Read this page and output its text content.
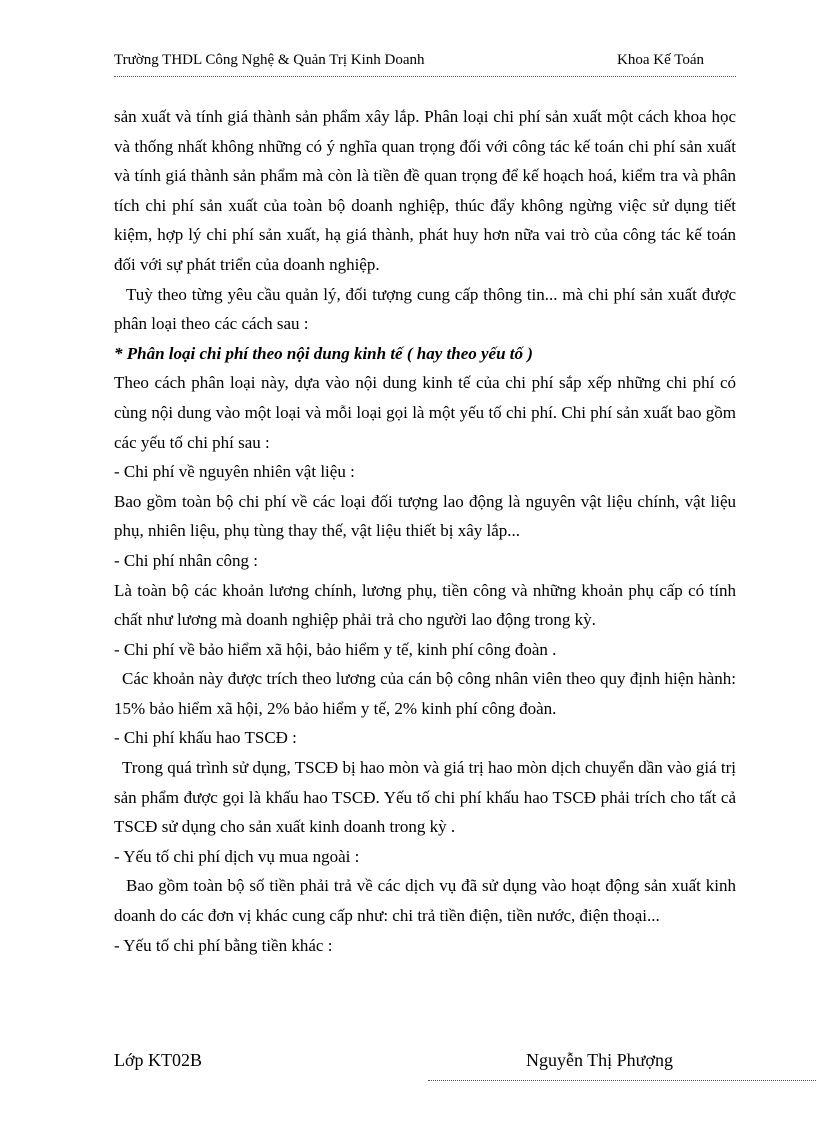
Trường THDL Công Nghệ & Quản Trị Kinh Doanh	Khoa Kế Toán

sản xuất và tính giá thành sản phẩm xây lắp. Phân loại chi phí sản xuất một cách khoa học và thống nhất không những có ý nghĩa quan trọng đối với công tác kế toán chi phí sản xuất và tính giá thành sản phẩm mà còn là tiền đề quan trọng để kế hoạch hoá, kiểm tra và phân tích chi phí sản xuất của toàn bộ doanh nghiệp, thúc đẩy không ngừng việc sử dụng tiết kiệm, hợp lý chi phí sản xuất, hạ giá thành, phát huy hơn nữa vai trò của công tác kế toán đối với sự phát triển của doanh nghiệp.

Tuỳ theo từng yêu cầu quản lý, đối tượng cung cấp thông tin... mà chi phí sản xuất được phân loại theo các cách sau :

* Phân loại chi phí theo nội dung kinh tế ( hay theo yếu tố )

Theo cách phân loại này, dựa vào nội dung kinh tế của chi phí sắp xếp những chi phí có cùng nội dung vào một loại và mỗi loại gọi là một yếu tố chi phí. Chi phí sản xuất bao gồm các yếu tố chi phí sau :

- Chi phí về nguyên nhiên vật liệu :

Bao gồm toàn bộ chi phí về các loại đối tượng lao động là nguyên vật liệu chính, vật liệu phụ, nhiên liệu, phụ tùng thay thế, vật liệu thiết bị xây lắp...

- Chi phí nhân công :

Là toàn bộ các khoản lương chính, lương phụ, tiền công và những khoản phụ cấp có tính chất như lương mà doanh nghiệp phải trả cho người lao động trong kỳ.

- Chi phí về bảo hiểm xã hội, bảo hiểm y tế, kinh phí công đoàn .

Các khoản này được trích theo lương của cán bộ công nhân viên theo quy định hiện hành: 15% bảo hiểm xã hội, 2% bảo hiểm y tế, 2% kinh phí công đoàn.

- Chi phí khấu hao TSCĐ :

Trong quá trình sử dụng, TSCĐ bị hao mòn và giá trị hao mòn dịch chuyển dần vào giá trị sản phẩm được gọi là khấu hao TSCĐ. Yếu tố chi phí khấu hao TSCĐ phải trích cho tất cả TSCĐ sử dụng cho sản xuất kinh doanh trong kỳ .

- Yếu tố chi phí dịch vụ mua ngoài :

Bao gồm toàn bộ số tiền phải trả về các dịch vụ đã sử dụng vào hoạt động sản xuất kinh doanh do các đơn vị khác cung cấp như: chi trả tiền điện, tiền nước, điện thoại...

- Yếu tố chi phí bằng tiền khác :

Lớp KT02B	Nguyễn Thị Phượng
